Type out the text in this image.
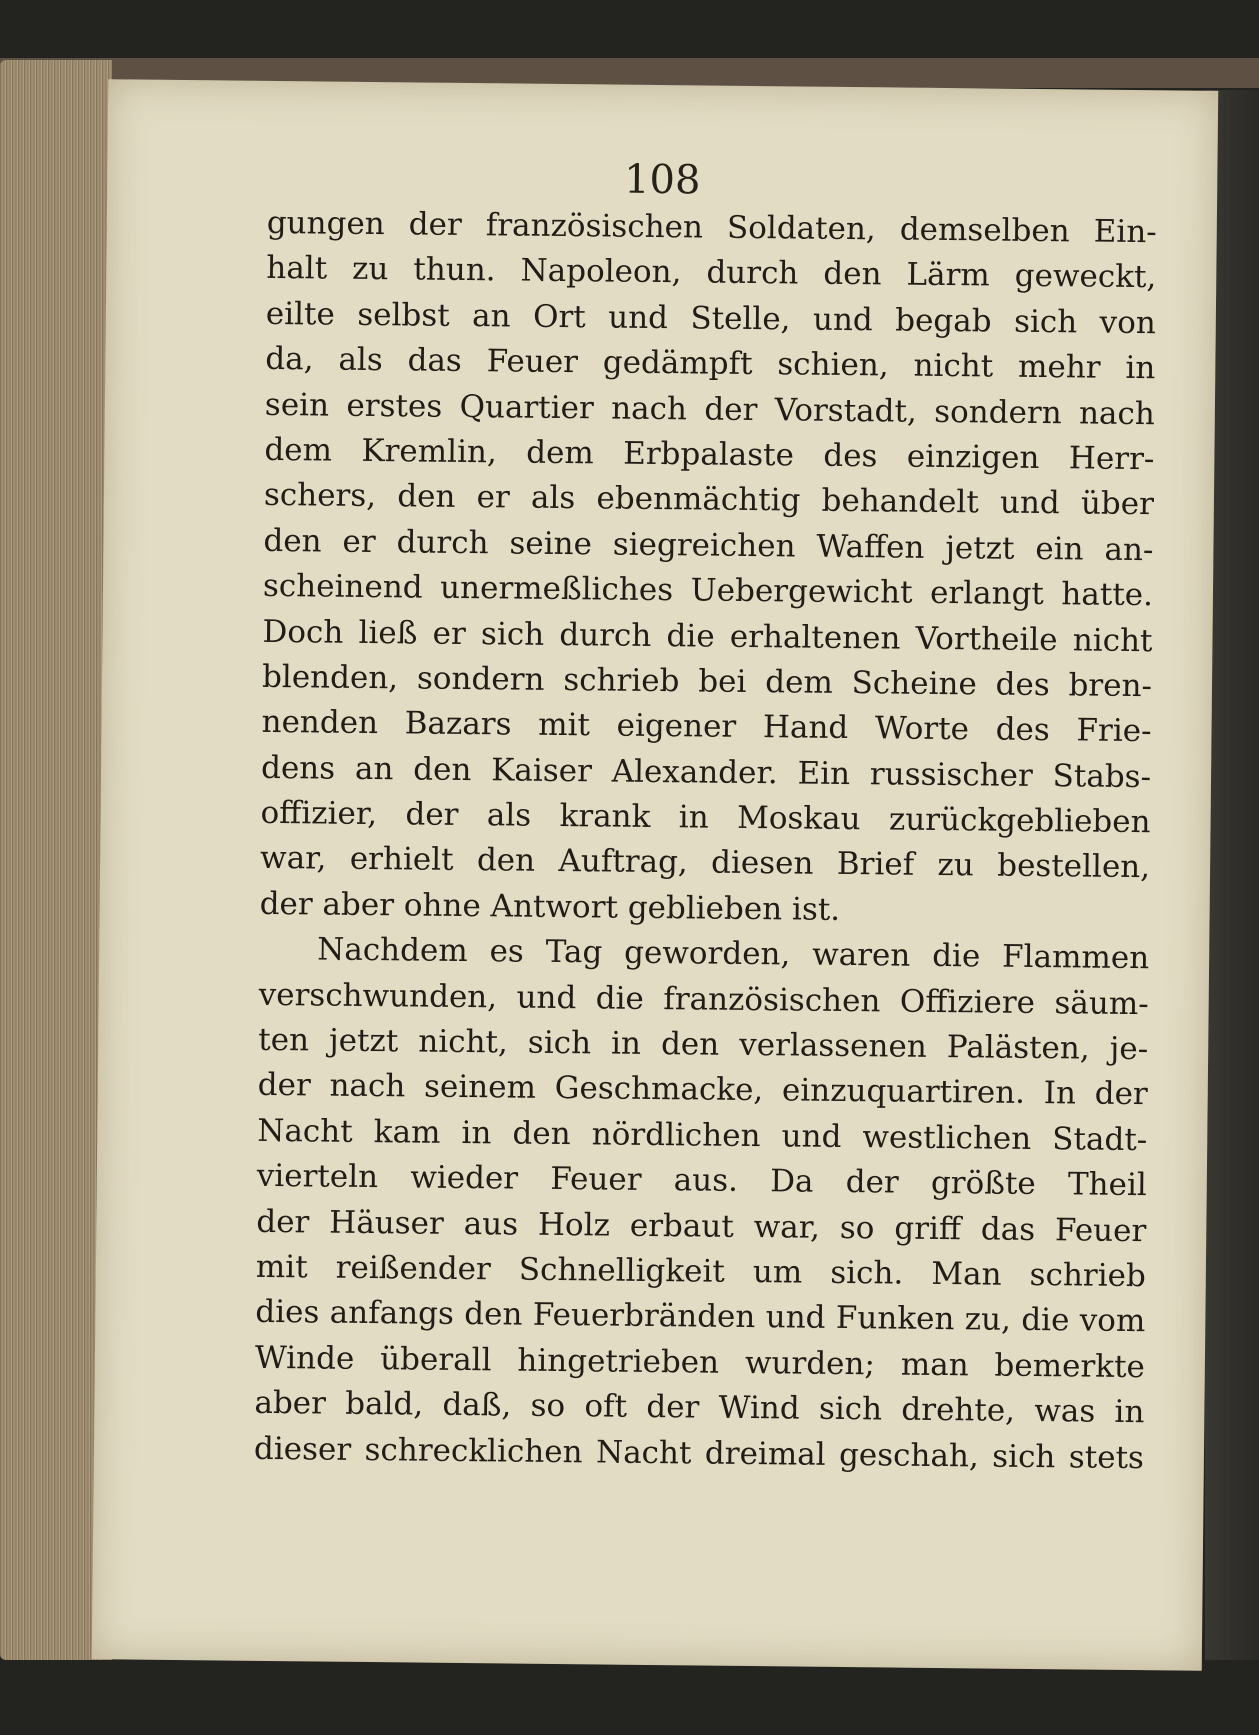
108
gungen der französischen Soldaten, demselben Ein-
halt zu thun. Napoleon, durch den Lärm geweckt,
eilte selbst an Ort und Stelle, und begab sich von
da, als das Feuer gedämpft schien, nicht mehr in
sein erstes Quartier nach der Vorstadt, sondern nach
dem Kremlin, dem Erbpalaste des einzigen Herr-
schers, den er als ebenmächtig behandelt und über
den er durch seine siegreichen Waffen jetzt ein an-
scheinend unermeßliches Uebergewicht erlangt hatte.
Doch ließ er sich durch die erhaltenen Vortheile nicht
blenden, sondern schrieb bei dem Scheine des bren-
nenden Bazars mit eigener Hand Worte des Frie-
dens an den Kaiser Alexander. Ein russischer Stabs-
offizier, der als krank in Moskau zurückgeblieben
war, erhielt den Auftrag, diesen Brief zu bestellen,
der aber ohne Antwort geblieben ist.
Nachdem es Tag geworden, waren die Flammen
verschwunden, und die französischen Offiziere säum-
ten jetzt nicht, sich in den verlassenen Palästen, je-
der nach seinem Geschmacke, einzuquartiren. In der
Nacht kam in den nördlichen und westlichen Stadt-
vierteln wieder Feuer aus. Da der größte Theil
der Häuser aus Holz erbaut war, so griff das Feuer
mit reißender Schnelligkeit um sich. Man schrieb
dies anfangs den Feuerbränden und Funken zu, die vom
Winde überall hingetrieben wurden; man bemerkte
aber bald, daß, so oft der Wind sich drehte, was in
dieser schrecklichen Nacht dreimal geschah, sich stets
